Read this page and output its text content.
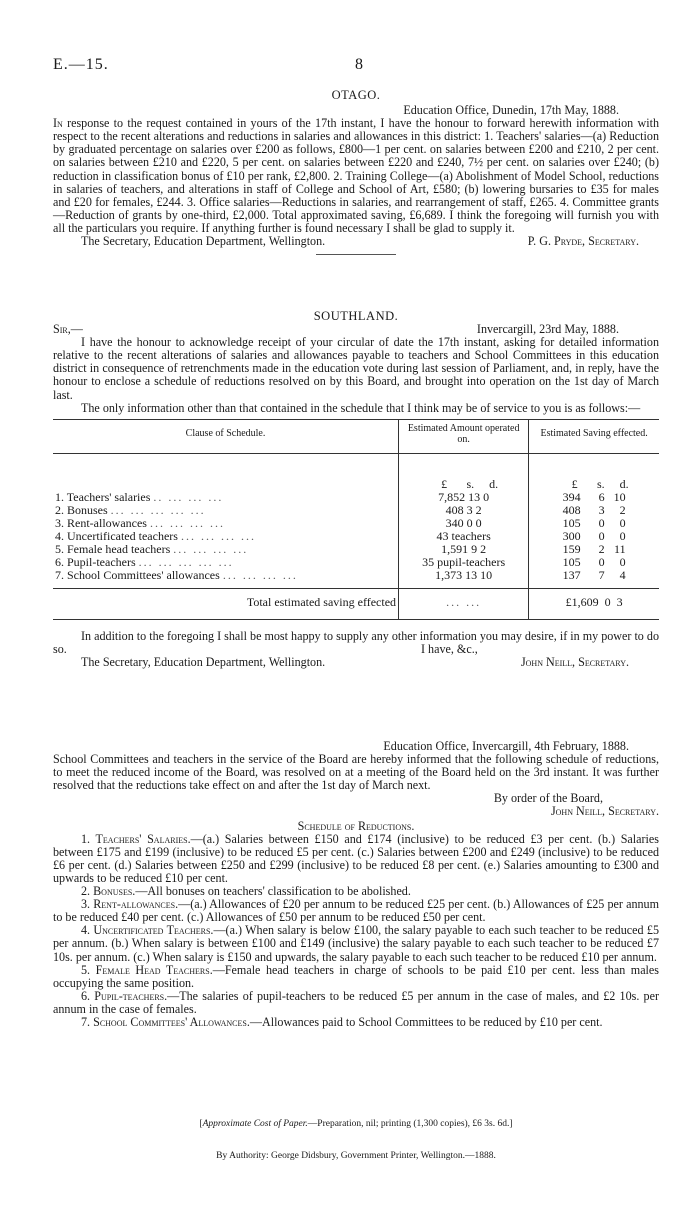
E.—15.	8
OTAGO.
Education Office, Dunedin, 17th May, 1888.

In response to the request contained in yours of the 17th instant, I have the honour to forward herewith information with respect to the recent alterations and reductions in salaries and allowances in this district: 1. Teachers' salaries—(a) Reduction by graduated percentage on salaries over £200 as follows, £800—1 per cent. on salaries between £200 and £210, 2 per cent. on salaries between £210 and £220, 5 per cent. on salaries between £220 and £240, 7½ per cent. on salaries over £240; (b) reduction in classification bonus of £10 per rank, £2,800. 2. Training College—(a) Abolishment of Model School, reductions in salaries of teachers, and alterations in staff of College and School of Art, £580; (b) lowering bursaries to £35 for males and £20 for females, £244. 3. Office salaries—Reductions in salaries, and rearrangement of staff, £265. 4. Committee grants—Reduction of grants by one-third, £2,000. Total approximated saving, £6,689. I think the foregoing will furnish you with all the particulars you require. If anything further is found necessary I shall be glad to supply it.

The Secretary, Education Department, Wellington.	P. G. Pryde, Secretary.
SOUTHLAND.
Sir,—	Invercargill, 23rd May, 1888.

I have the honour to acknowledge receipt of your circular of date the 17th instant, asking for detailed information relative to the recent alterations of salaries and allowances payable to teachers and School Committees in this education district in consequence of retrenchments made in the education vote during last session of Parliament, and, in reply, have the honour to enclose a schedule of reductions resolved on by this Board, and brought into operation on the 1st day of March last.

The only information other than that contained in the schedule that I think may be of service to you is as follows:—

Clause of Schedule.	Estimated Amount operated on.	Estimated Saving effected.
	£ s. d.	£ s. d.
1. Teachers' salaries .. ... ... ...	7,852 13 0	394 6 10
2. Bonuses ... ... ... ... ...	408 3 2	408 3 2
3. Rent-allowances ... ... ... ...	340 0 0	105 0 0
4. Uncertificated teachers ... ... ... ...	43 teachers	300 0 0
5. Female head teachers ... ... ... ...	1,591 9 2	159 2 11
6. Pupil-teachers ... ... ... ... ...	35 pupil-teachers	105 0 0
7. School Committees' allowances ... ... ... ...	1,373 13 10	137 7 4
Total estimated saving effected	... ...	£1,609 0 3

In addition to the foregoing I shall be most happy to supply any other information you may desire, if in my power to do so.	I have, &c.,
The Secretary, Education Department, Wellington.	John Neill, Secretary.
Education Office, Invercargill, 4th February, 1888.

School Committees and teachers in the service of the Board are hereby informed that the following schedule of reductions, to meet the reduced income of the Board, was resolved on at a meeting of the Board held on the 3rd instant. It was further resolved that the reductions take effect on and after the 1st day of March next.

By order of the Board,
John Neill, Secretary.
Schedule of Reductions.

1. Teachers' Salaries.—(a.) Salaries between £150 and £174 (inclusive) to be reduced £3 per cent. (b.) Salaries between £175 and £199 (inclusive) to be reduced £5 per cent. (c.) Salaries between £200 and £249 (inclusive) to be reduced £6 per cent. (d.) Salaries between £250 and £299 (inclusive) to be reduced £8 per cent. (e.) Salaries amounting to £300 and upwards to be reduced £10 per cent.

2. Bonuses.—All bonuses on teachers' classification to be abolished.

3. Rent-allowances.—(a.) Allowances of £20 per annum to be reduced £25 per cent. (b.) Allowances of £25 per annum to be reduced £40 per cent. (c.) Allowances of £50 per annum to be reduced £50 per cent.

4. Uncertificated Teachers.—(a.) When salary is below £100, the salary payable to each such teacher to be reduced £5 per annum. (b.) When salary is between £100 and £149 (inclusive) the salary payable to each such teacher to be reduced £7 10s. per annum. (c.) When salary is £150 and upwards, the salary payable to each such teacher to be reduced £10 per annum.

5. Female Head Teachers.—Female head teachers in charge of schools to be paid £10 per cent. less than males occupying the same position.

6. Pupil-teachers.—The salaries of pupil-teachers to be reduced £5 per annum in the case of males, and £2 10s. per annum in the case of females.

7. School Committees' Allowances.—Allowances paid to School Committees to be reduced by £10 per cent.

[Approximate Cost of Paper.—Preparation, nil; printing (1,300 copies), £6 3s. 6d.]
By Authority: George Didsbury, Government Printer, Wellington.—1888.
